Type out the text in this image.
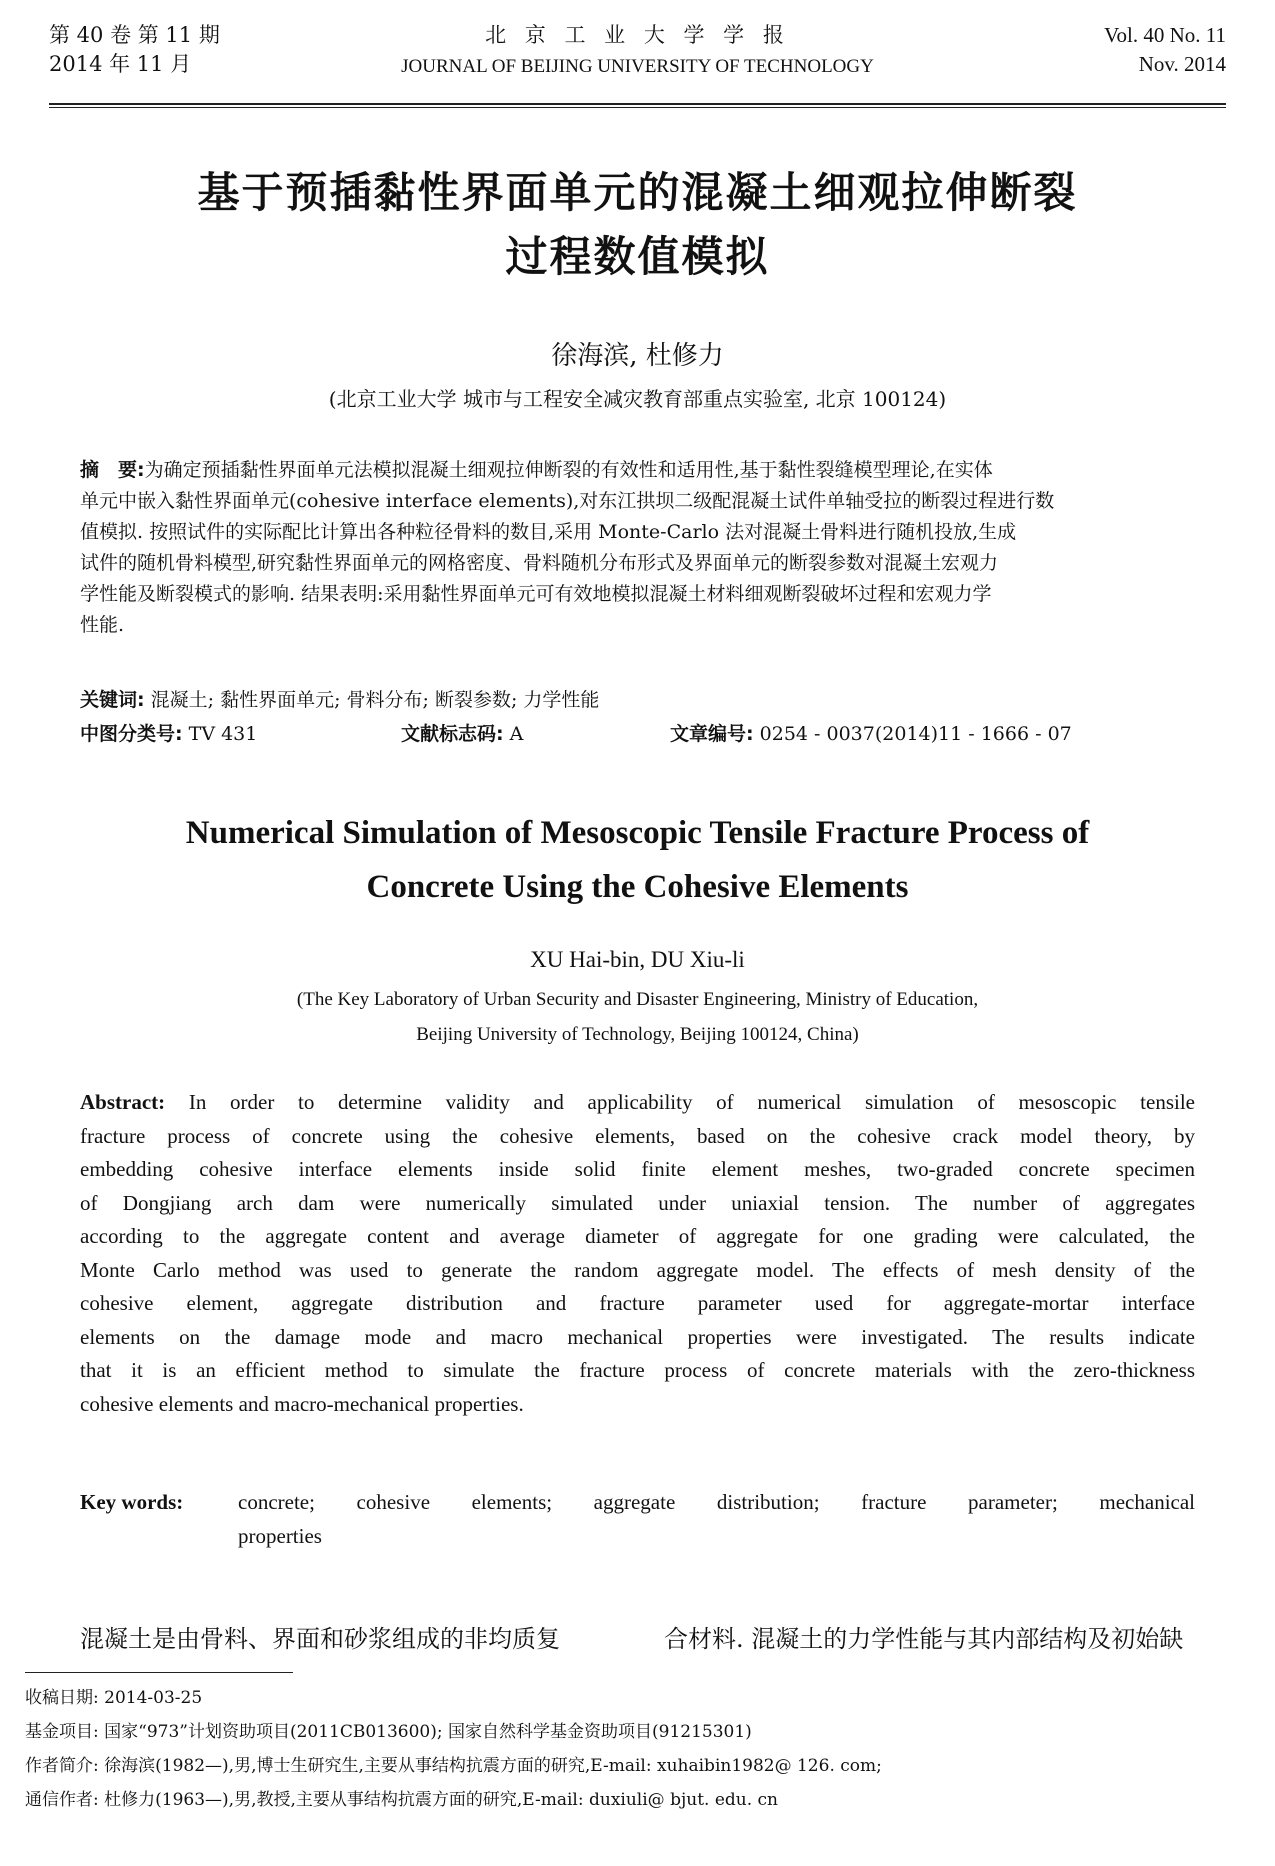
第 40 卷 第 11 期
2014 年 11 月
北 京 工 业 大 学 学 报
JOURNAL OF BEIJING UNIVERSITY OF TECHNOLOGY
Vol. 40 No. 11
Nov. 2014
基于预插黏性界面单元的混凝土细观拉伸断裂
过程数值模拟
徐海滨, 杜修力
(北京工业大学 城市与工程安全减灾教育部重点实验室, 北京 100124)
摘　要:为确定预插黏性界面单元法模拟混凝土细观拉伸断裂的有效性和适用性,基于黏性裂缝模型理论,在实体
单元中嵌入黏性界面单元(cohesive interface elements),对东江拱坝二级配混凝土试件单轴受拉的断裂过程进行数
值模拟. 按照试件的实际配比计算出各种粒径骨料的数目,采用 Monte-Carlo 法对混凝土骨料进行随机投放,生成
试件的随机骨料模型,研究黏性界面单元的网格密度、骨料随机分布形式及界面单元的断裂参数对混凝土宏观力
学性能及断裂模式的影响. 结果表明:采用黏性界面单元可有效地模拟混凝土材料细观断裂破坏过程和宏观力学
性能.
关键词: 混凝土; 黏性界面单元; 骨料分布; 断裂参数; 力学性能
中图分类号: TV 431	文献标志码: A	文章编号: 0254 - 0037(2014)11 - 1666 - 07
Numerical Simulation of Mesoscopic Tensile Fracture Process of
Concrete Using the Cohesive Elements
XU Hai-bin, DU Xiu-li
(The Key Laboratory of Urban Security and Disaster Engineering, Ministry of Education,
Beijing University of Technology, Beijing 100124, China)
Abstract: In order to determine validity and applicability of numerical simulation of mesoscopic tensile
fracture process of concrete using the cohesive elements, based on the cohesive crack model theory, by
embedding cohesive interface elements inside solid finite element meshes, two-graded concrete specimen
of Dongjiang arch dam were numerically simulated under uniaxial tension. The number of aggregates
according to the aggregate content and average diameter of aggregate for one grading were calculated, the
Monte Carlo method was used to generate the random aggregate model. The effects of mesh density of the
cohesive element, aggregate distribution and fracture parameter used for aggregate-mortar interface
elements on the damage mode and macro mechanical properties were investigated. The results indicate
that it is an efficient method to simulate the fracture process of concrete materials with the zero-thickness
cohesive elements and macro-mechanical properties.
Key words:	concrete; cohesive elements; aggregate distribution; fracture parameter; mechanical
properties
混凝土是由骨料、界面和砂浆组成的非均质复	合材料. 混凝土的力学性能与其内部结构及初始缺
收稿日期: 2014-03-25
基金项目: 国家“973”计划资助项目(2011CB013600); 国家自然科学基金资助项目(91215301)
作者简介: 徐海滨(1982—),男,博士生研究生,主要从事结构抗震方面的研究,E-mail: xuhaibin1982@ 126. com;
通信作者: 杜修力(1963—),男,教授,主要从事结构抗震方面的研究,E-mail: duxiuli@ bjut. edu. cn
